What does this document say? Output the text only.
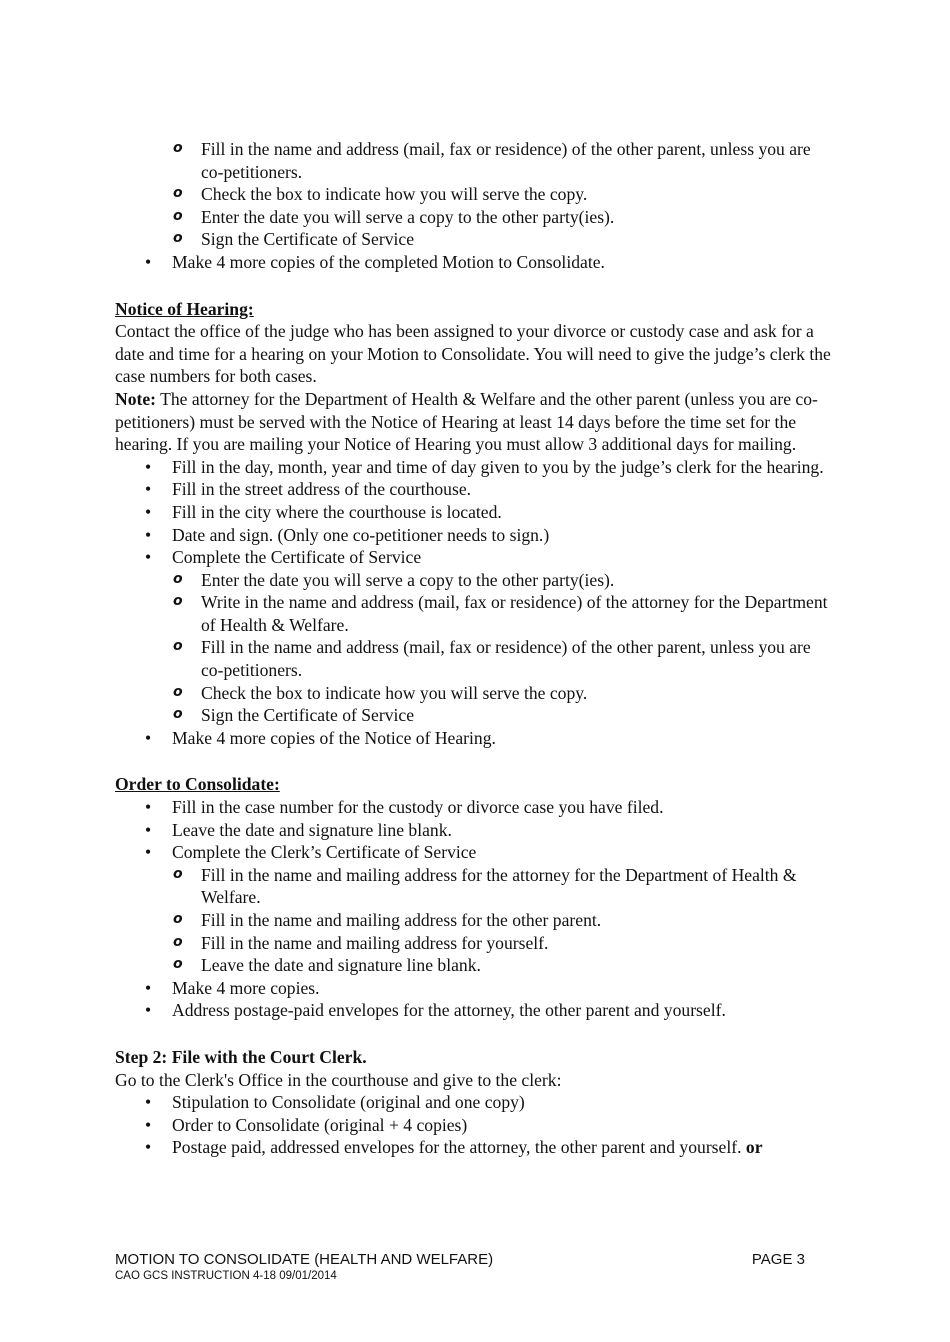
o Fill in the name and address (mail, fax or residence) of the other parent, unless you are co-petitioners.
o Check the box to indicate how you will serve the copy.
o Enter the date you will serve a copy to the other party(ies).
o Sign the Certificate of Service
• Make 4 more copies of the completed Motion to Consolidate.

Notice of Hearing:

Contact the office of the judge who has been assigned to your divorce or custody case and ask for a date and time for a hearing on your Motion to Consolidate. You will need to give the judge’s clerk the case numbers for both cases.

Note: The attorney for the Department of Health & Welfare and the other parent (unless you are co-petitioners) must be served with the Notice of Hearing at least 14 days before the time set for the hearing. If you are mailing your Notice of Hearing you must allow 3 additional days for mailing.

• Fill in the day, month, year and time of day given to you by the judge’s clerk for the hearing.
• Fill in the street address of the courthouse.
• Fill in the city where the courthouse is located.
• Date and sign. (Only one co-petitioner needs to sign.)
• Complete the Certificate of Service
o Enter the date you will serve a copy to the other party(ies).
o Write in the name and address (mail, fax or residence) of the attorney for the Department of Health & Welfare.
o Fill in the name and address (mail, fax or residence) of the other parent, unless you are co-petitioners.
o Check the box to indicate how you will serve the copy.
o Sign the Certificate of Service
• Make 4 more copies of the Notice of Hearing.

Order to Consolidate:

• Fill in the case number for the custody or divorce case you have filed.
• Leave the date and signature line blank.
• Complete the Clerk’s Certificate of Service
o Fill in the name and mailing address for the attorney for the Department of Health & Welfare.
o Fill in the name and mailing address for the other parent.
o Fill in the name and mailing address for yourself.
o Leave the date and signature line blank.
• Make 4 more copies.
• Address postage-paid envelopes for the attorney, the other parent and yourself.

Step 2: File with the Court Clerk.

Go to the Clerk's Office in the courthouse and give to the clerk:

• Stipulation to Consolidate (original and one copy)
• Order to Consolidate (original + 4 copies)
• Postage paid, addressed envelopes for the attorney, the other parent and yourself. or
MOTION TO CONSOLIDATE (HEALTH AND WELFARE)	PAGE 3
CAO GCS INSTRUCTION 4-18 09/01/2014
